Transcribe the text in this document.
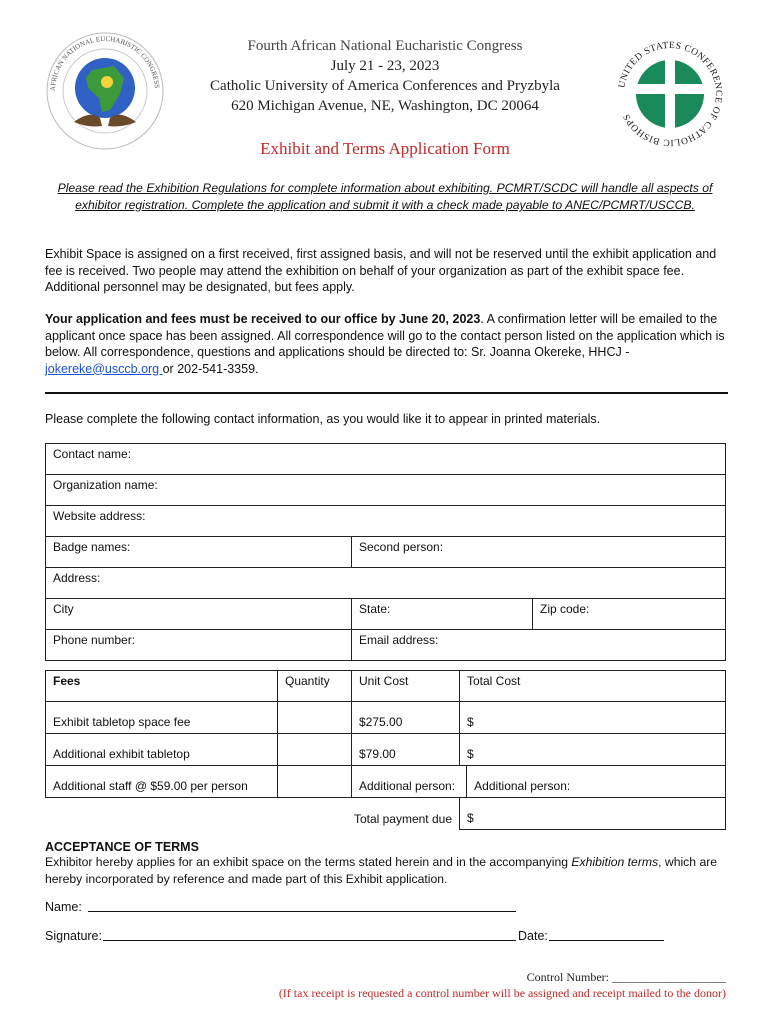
AFRICAN NATIONAL EUCHARISTIC CONGRESS
Fourth African National Eucharistic Congress
July 21 - 23, 2023
Catholic University of America Conferences and Pryzbyla
620 Michigan Avenue, NE, Washington, DC 20064
UNITED STATES CONFERENCE OF CATHOLIC BISHOPS
Exhibit and Terms Application Form
Please read the Exhibition Regulations for complete information about exhibiting. PCMRT/SCDC will handle all aspects of exhibitor registration. Complete the application and submit it with a check made payable to ANEC/PCMRT/USCCB.
Exhibit Space is assigned on a first received, first assigned basis, and will not be reserved until the exhibit application and fee is received. Two people may attend the exhibition on behalf of your organization as part of the exhibit space fee. Additional personnel may be designated, but fees apply.
Your application and fees must be received to our office by June 20, 2023. A confirmation letter will be emailed to the applicant once space has been assigned. All correspondence will go to the contact person listed on the application which is below. All correspondence, questions and applications should be directed to: Sr. Joanna Okereke, HHCJ - jokereke@usccb.org or 202-541-3359.
Please complete the following contact information, as you would like it to appear in printed materials.
Contact name:		
Organization name:		
Website address:		
Badge names:	Second person:	
Address:		
City	State:	Zip code:
Phone number:	Email address:	
Fees	Quantity	Unit Cost	Total Cost	
Exhibit tabletop space fee		$275.00	$	
Additional exhibit tabletop		$79.00	$	
Additional staff @ $59.00 per person		Additional person:		Additional person:
	Total payment due		$	
ACCEPTANCE OF TERMS
Exhibitor hereby applies for an exhibit space on the terms stated herein and in the accompanying Exhibition terms, which are hereby incorporated by reference and made part of this Exhibit application.
Name:
Signature:	Date:
Control Number: ___________________
(If tax receipt is requested a control number will be assigned and receipt mailed to the donor)
